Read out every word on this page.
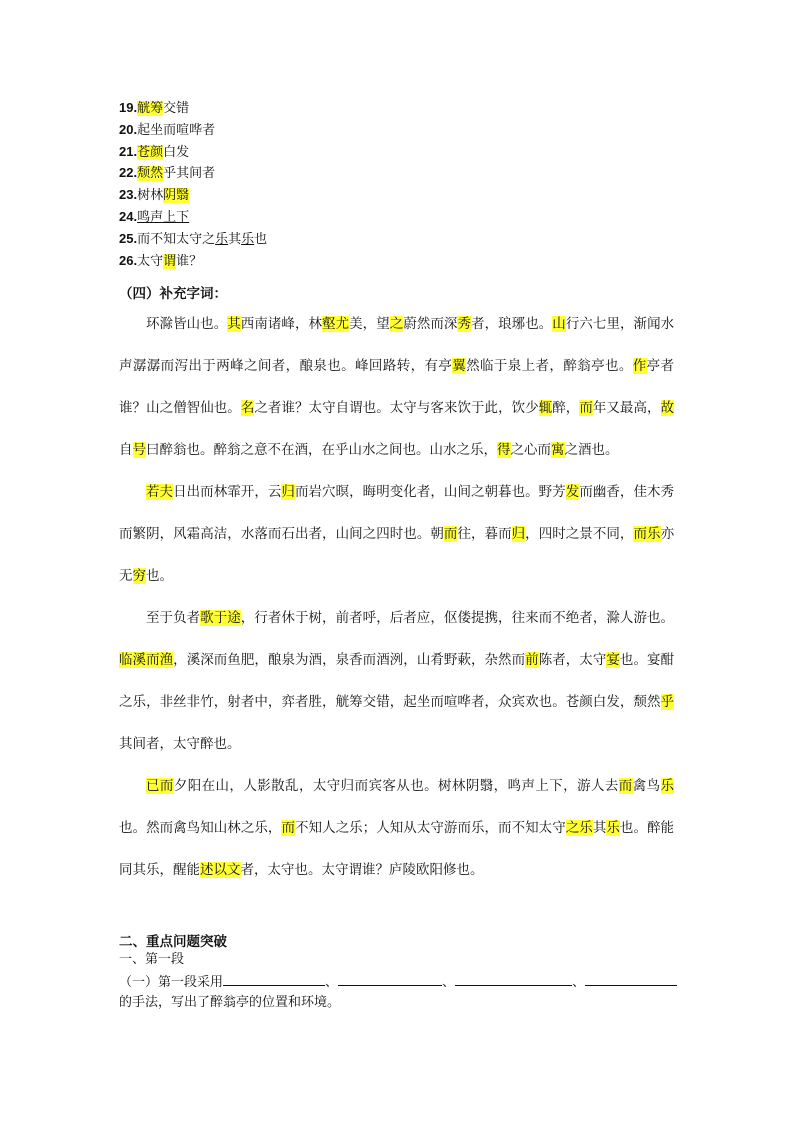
19.觥筹交错
20.起坐而喧哗者
21.苍颜白发
22.颓然乎其间者
23.树林阴翳
24.鸣声上下
25.而不知太守之乐其乐也
26.太守谓谁？
（四）补充字词：

环滁皆山也。其西南诸峰，林壑尤美，望之蔚然而深秀者，琅琊也。山行六七里，渐闻水声潺潺而泻出于两峰之间者，酿泉也。峰回路转，有亭翼然临于泉上者，醉翁亭也。作亭者谁？山之僧智仙也。名之者谁？太守自谓也。太守与客来饮于此，饮少辄醉，而年又最高，故自号曰醉翁也。醉翁之意不在酒，在乎山水之间也。山水之乐，得之心而寓之酒也。

若夫日出而林霏开，云归而岩穴暝，晦明变化者，山间之朝暮也。野芳发而幽香，佳木秀而繁阴，风霜高洁，水落而石出者，山间之四时也。朝而往，暮而归，四时之景不同，而乐亦无穷也。

至于负者歌于途，行者休于树，前者呼，后者应，伛偻提携，往来而不绝者，滁人游也。临溪而渔，溪深而鱼肥，酿泉为酒，泉香而酒洌，山肴野蔌，杂然而前陈者，太守宴也。宴酣之乐，非丝非竹，射者中，弈者胜，觥筹交错，起坐而喧哗者，众宾欢也。苍颜白发，颓然乎其间者，太守醉也。

已而夕阳在山，人影散乱，太守归而宾客从也。树林阴翳，鸣声上下，游人去而禽鸟乐也。然而禽鸟知山林之乐，而不知人之乐；人知从太守游而乐，而不知太守之乐其乐也。醉能同其乐，醒能述以文者，太守也。太守谓谁？庐陵欧阳修也。

二、重点问题突破
一、第一段
（一）第一段采用	、	、	、
的手法，写出了醉翁亭的位置和环境。
